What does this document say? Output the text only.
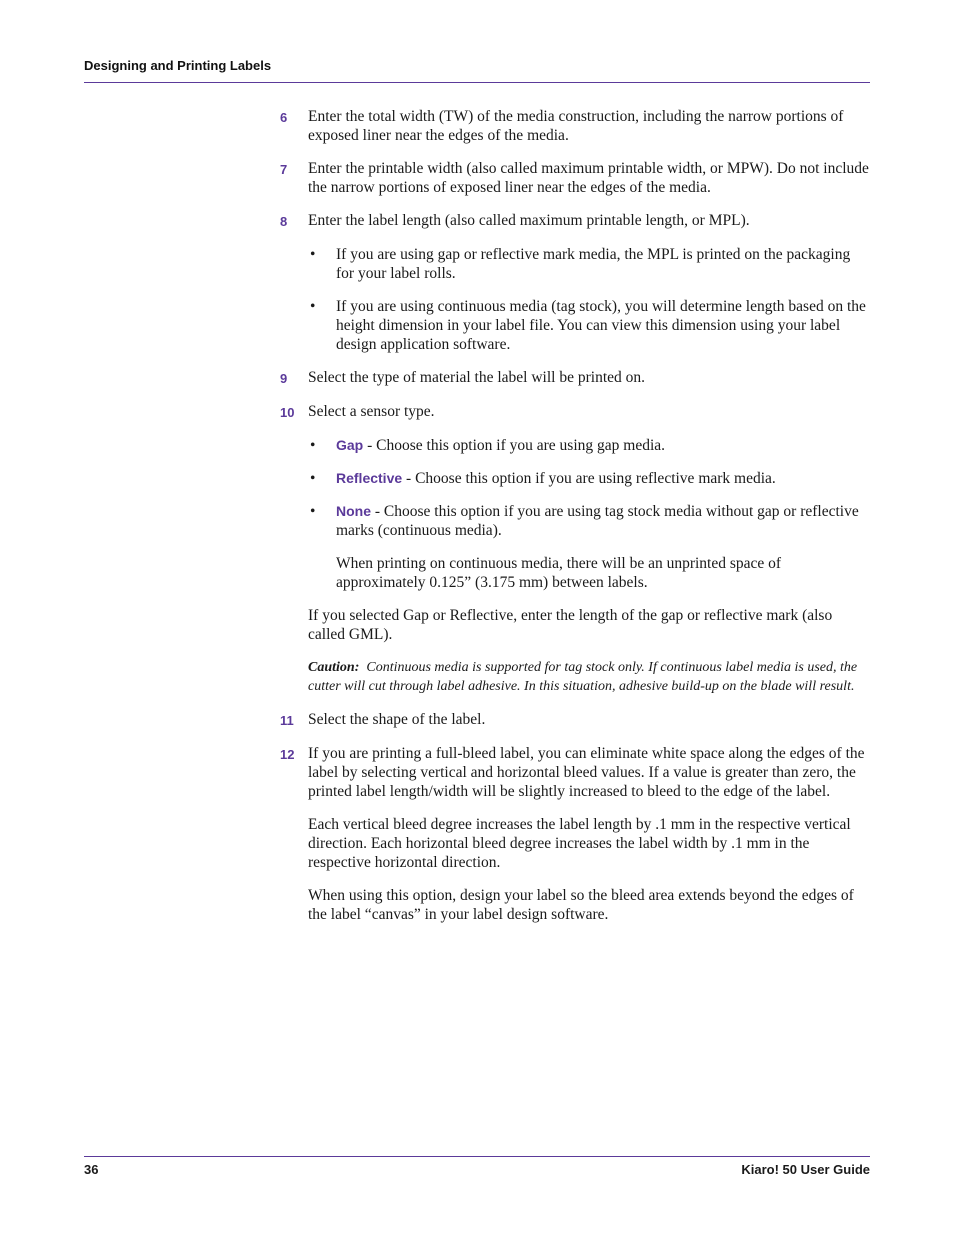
Designing and Printing Labels
6	Enter the total width (TW) of the media construction, including the narrow portions of exposed liner near the edges of the media.
7	Enter the printable width (also called maximum printable width, or MPW). Do not include the narrow portions of exposed liner near the edges of the media.
8	Enter the label length (also called maximum printable length, or MPL).
•	If you are using gap or reflective mark media, the MPL is printed on the packaging for your label rolls.
•	If you are using continuous media (tag stock), you will determine length based on the height dimension in your label file. You can view this dimension using your label design application software.
9	Select the type of material the label will be printed on.
10 Select a sensor type.
•	Gap - Choose this option if you are using gap media.
•	Reflective - Choose this option if you are using reflective mark media.
•	None - Choose this option if you are using tag stock media without gap or reflective marks (continuous media).
When printing on continuous media, there will be an unprinted space of approximately 0.125” (3.175 mm) between labels.
If you selected Gap or Reflective, enter the length of the gap or reflective mark (also called GML).
Caution: Continuous media is supported for tag stock only. If continuous label media is used, the cutter will cut through label adhesive. In this situation, adhesive build-up on the blade will result.
11 Select the shape of the label.
12 If you are printing a full-bleed label, you can eliminate white space along the edges of the label by selecting vertical and horizontal bleed values. If a value is greater than zero, the printed label length/width will be slightly increased to bleed to the edge of the label.
Each vertical bleed degree increases the label length by .1 mm in the respective vertical direction. Each horizontal bleed degree increases the label width by .1 mm in the respective horizontal direction.
When using this option, design your label so the bleed area extends beyond the edges of the label “canvas” in your label design software.
36	Kiaro! 50 User Guide
